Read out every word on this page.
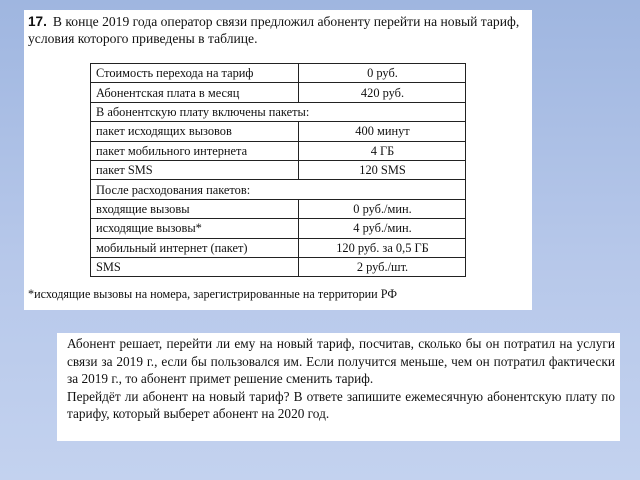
17. В конце 2019 года оператор связи предложил абоненту перейти на новый тариф, условия которого приведены в таблице.
Стоимость перехода на тариф	0 руб.
Абонентская плата в месяц	420 руб.
В абонентскую плату включены пакеты:	
пакет исходящих вызовов	400 минут
пакет мобильного интернета	4 ГБ
пакет SMS	120 SMS
После расходования пакетов:	
входящие вызовы	0 руб./мин.
исходящие вызовы*	4 руб./мин.
мобильный интернет (пакет)	120 руб. за 0,5 ГБ
SMS	2 руб./шт.
*исходящие вызовы на номера, зарегистрированные на территории РФ

Абонент решает, перейти ли ему на новый тариф, посчитав, сколько бы он потратил на услуги связи за 2019 г., если бы пользовался им. Если получится меньше, чем он потратил фактически за 2019 г., то абонент примет решение сменить тариф.

Перейдёт ли абонент на новый тариф? В ответе запишите ежемесячную абонентскую плату по тарифу, который выберет абонент на 2020 год.
